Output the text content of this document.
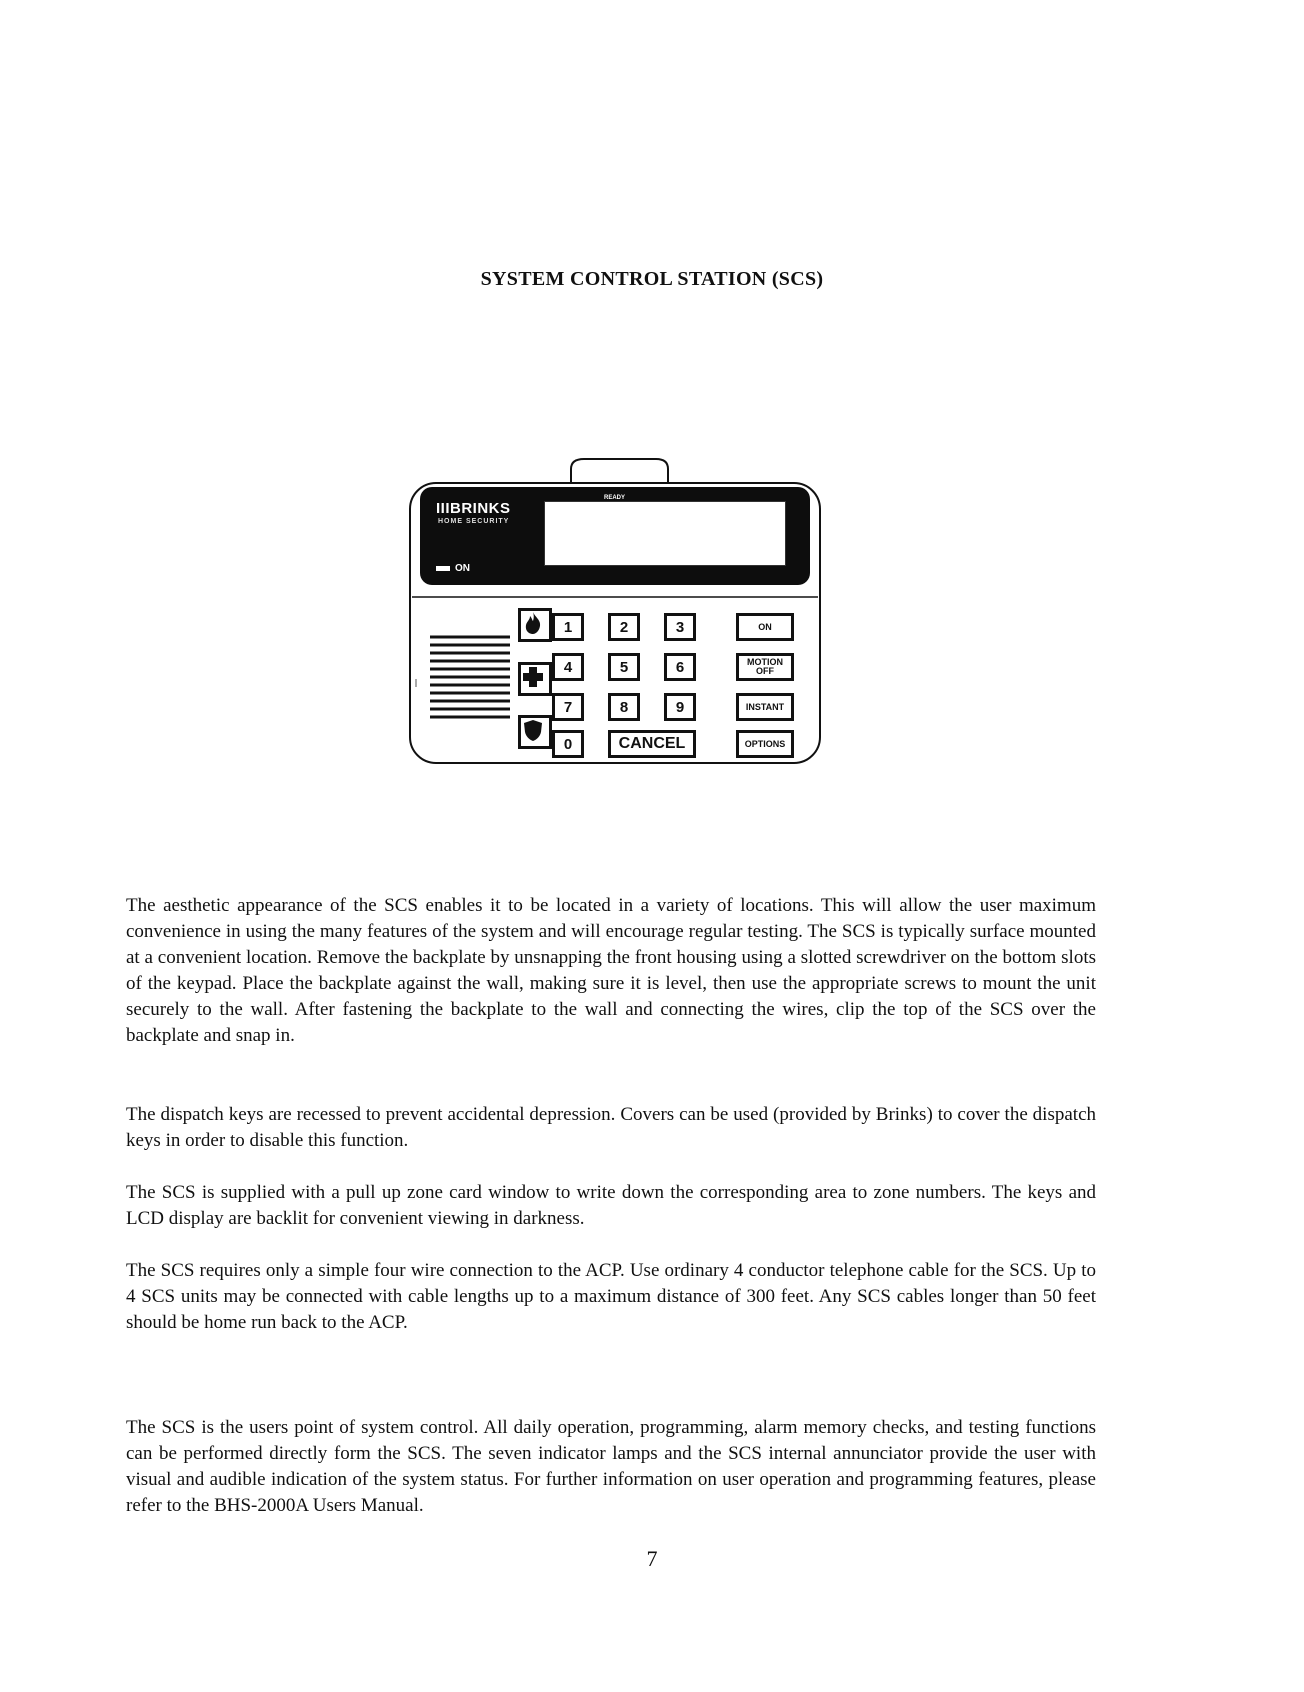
SYSTEM CONTROL STATION (SCS)
IIIBRINKS
HOME SECURITY
ON
READY
1	2	3	ON
4	5	6	MOTION OFF
7	8	9	INSTANT
0	CANCEL	OPTIONS

The aesthetic appearance of the SCS enables it to be located in a variety of locations. This will allow the user maximum convenience in using the many features of the system and will encourage regular testing. The SCS is typically surface mounted at a convenient location. Remove the backplate by unsnapping the front housing using a slotted screwdriver on the bottom slots of the keypad. Place the backplate against the wall, making sure it is level, then use the appropriate screws to mount the unit securely to the wall. After fastening the backplate to the wall and connecting the wires, clip the top of the SCS over the backplate and snap in.

The dispatch keys are recessed to prevent accidental depression. Covers can be used (provided by Brinks) to cover the dispatch keys in order to disable this function.

The SCS is supplied with a pull up zone card window to write down the corresponding area to zone numbers. The keys and LCD display are backlit for convenient viewing in darkness.

The SCS requires only a simple four wire connection to the ACP. Use ordinary 4 conductor telephone cable for the SCS. Up to 4 SCS units may be connected with cable lengths up to a maximum distance of 300 feet. Any SCS cables longer than 50 feet should be home run back to the ACP.

The SCS is the users point of system control. All daily operation, programming, alarm memory checks, and testing functions can be performed directly form the SCS. The seven indicator lamps and the SCS internal annunciator provide the user with visual and audible indication of the system status. For further information on user operation and programming features, please refer to the BHS-2000A Users Manual.

7
